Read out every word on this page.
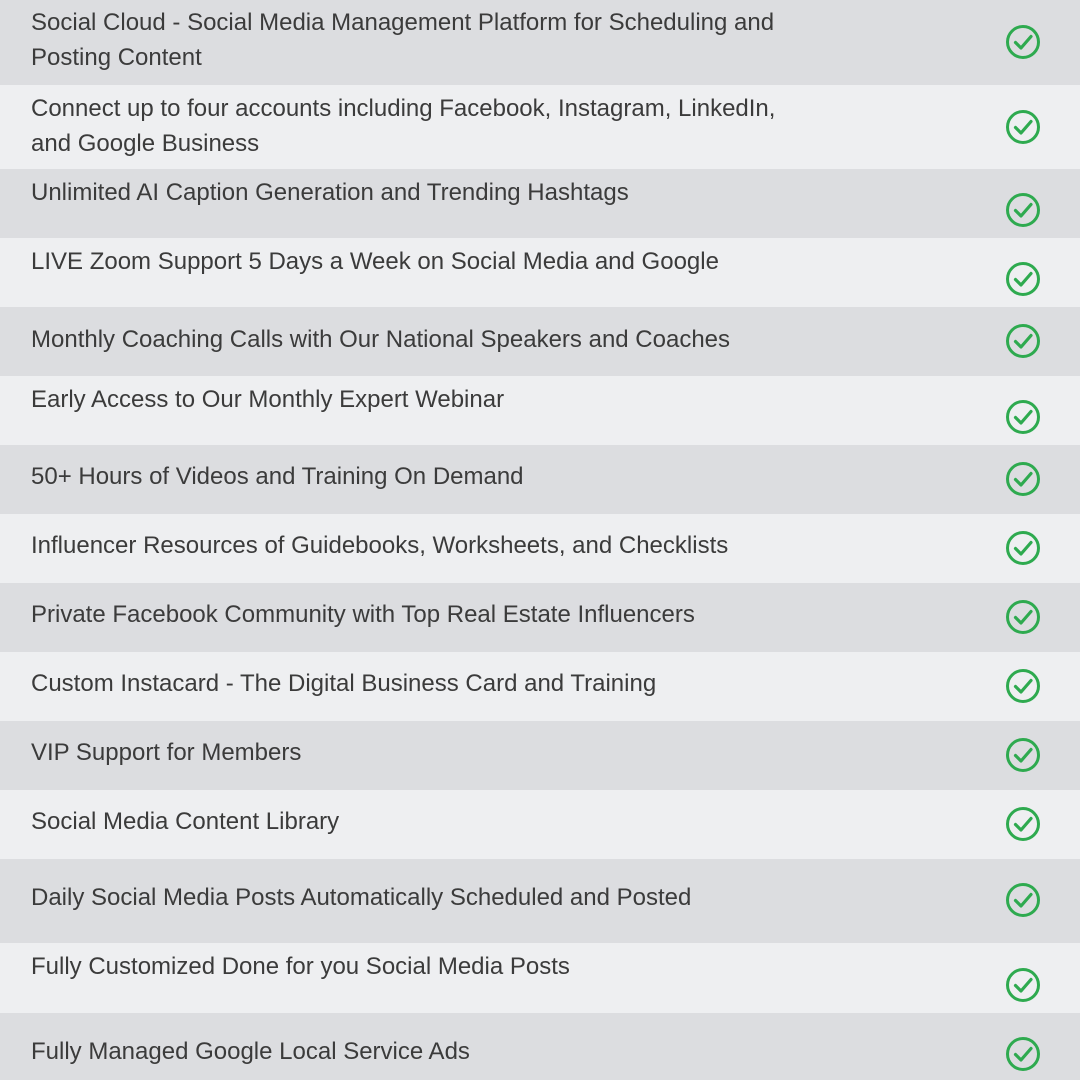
Social Cloud - Social Media Management Platform for Scheduling and Posting Content
Connect up to four accounts including Facebook, Instagram, LinkedIn, and Google Business
Unlimited AI Caption Generation and Trending Hashtags
LIVE Zoom Support 5 Days a Week on Social Media and Google
Monthly Coaching Calls with Our National Speakers and Coaches
Early Access to Our Monthly Expert Webinar
50+ Hours of Videos and Training On Demand
Influencer Resources of Guidebooks, Worksheets, and Checklists
Private Facebook Community with Top Real Estate Influencers
Custom Instacard - The Digital Business Card and Training
VIP Support for Members
Social Media Content Library
Daily Social Media Posts Automatically Scheduled and Posted
Fully Customized Done for you Social Media Posts
Fully Managed Google Local Service Ads
